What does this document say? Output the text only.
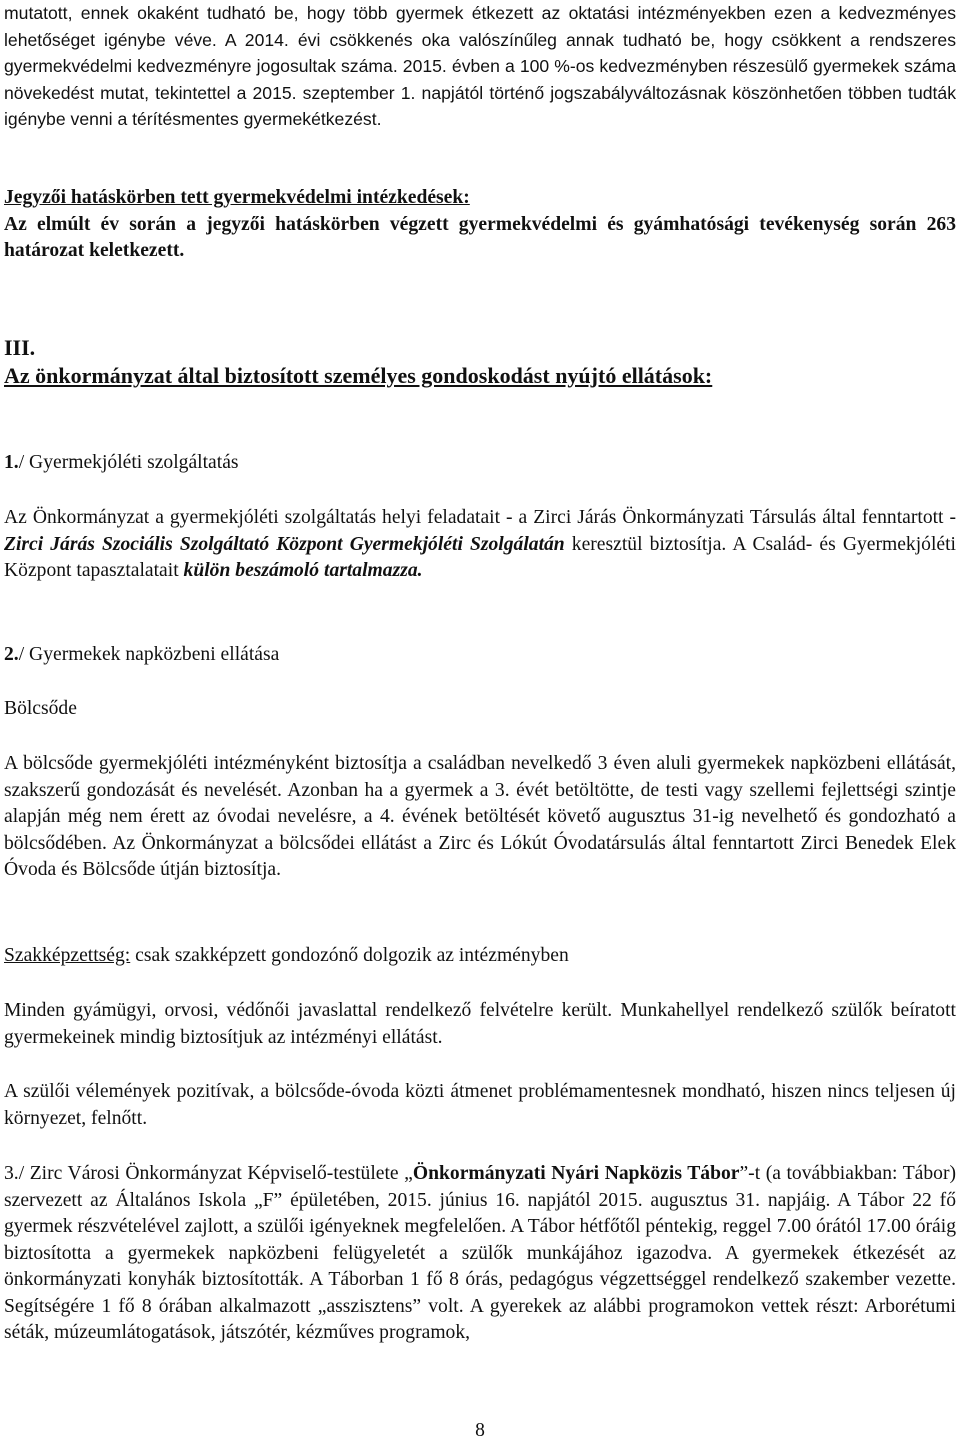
mutatott, ennek okaként tudható be, hogy több gyermek étkezett az oktatási intézményekben ezen a kedvezményes lehetőséget igénybe véve. A 2014. évi csökkenés oka valószínűleg annak tudható be, hogy csökkent a rendszeres gyermekvédelmi kedvezményre jogosultak száma. 2015. évben a 100 %-os kedvezményben részesülő gyermekek száma növekedést mutat, tekintettel a 2015. szeptember 1. napjától történő jogszabályváltozásnak köszönhetően többen tudták igénybe venni a térítésmentes gyermekétkezést.

Jegyzői hatáskörben tett gyermekvédelmi intézkedések:
Az elmúlt év során a jegyzői hatáskörben végzett gyermekvédelmi és gyámhatósági tevékenység során 263 határozat keletkezett.
III.
Az önkormányzat által biztosított személyes gondoskodást nyújtó ellátások:
1./ Gyermekjóléti szolgáltatás

Az Önkormányzat a gyermekjóléti szolgáltatás helyi feladatait - a Zirci Járás Önkormányzati Társulás által fenntartott - Zirci Járás Szociális Szolgáltató Központ Gyermekjóléti Szolgálatán keresztül biztosítja. A Család- és Gyermekjóléti Központ tapasztalatait külön beszámoló tartalmazza.

2./ Gyermekek napközbeni ellátása
Bölcsőde

A bölcsőde gyermekjóléti intézményként biztosítja a családban nevelkedő 3 éven aluli gyermekek napközbeni ellátását, szakszerű gondozását és nevelését. Azonban ha a gyermek a 3. évét betöltötte, de testi vagy szellemi fejlettségi szintje alapján még nem érett az óvodai nevelésre, a 4. évének betöltését követő augusztus 31-ig nevelhető és gondozható a bölcsődében. Az Önkormányzat a bölcsődei ellátást a Zirc és Lókút Óvodatársulás által fenntartott Zirci Benedek Elek Óvoda és Bölcsőde útján biztosítja.

Szakképzettség: csak szakképzett gondozónő dolgozik az intézményben

Minden gyámügyi, orvosi, védőnői javaslattal rendelkező felvételre került. Munkahellyel rendelkező szülők beíratott gyermekeinek mindig biztosítjuk az intézményi ellátást.

A szülői vélemények pozitívak, a bölcsőde-óvoda közti átmenet problémamentesnek mondható, hiszen nincs teljesen új környezet, felnőtt.

3./ Zirc Városi Önkormányzat Képviselő-testülete „Önkormányzati Nyári Napközis Tábor”-t (a továbbiakban: Tábor) szervezett az Általános Iskola „F” épületében, 2015. június 16. napjától 2015. augusztus 31. napjáig. A Tábor 22 fő gyermek részvételével zajlott, a szülői igényeknek megfelelően. A Tábor hétfőtől péntekig, reggel 7.00 órától 17.00 óráig biztosította a gyermekek napközbeni felügyeletét a szülők munkájához igazodva. A gyermekek étkezését az önkormányzati konyhák biztosították. A Táborban 1 fő 8 órás, pedagógus végzettséggel rendelkező szakember vezette. Segítségére 1 fő 8 órában alkalmazott „asszisztens” volt. A gyerekek az alábbi programokon vettek részt: Arborétumi séták, múzeumlátogatások, játszótér, kézműves programok,

8
